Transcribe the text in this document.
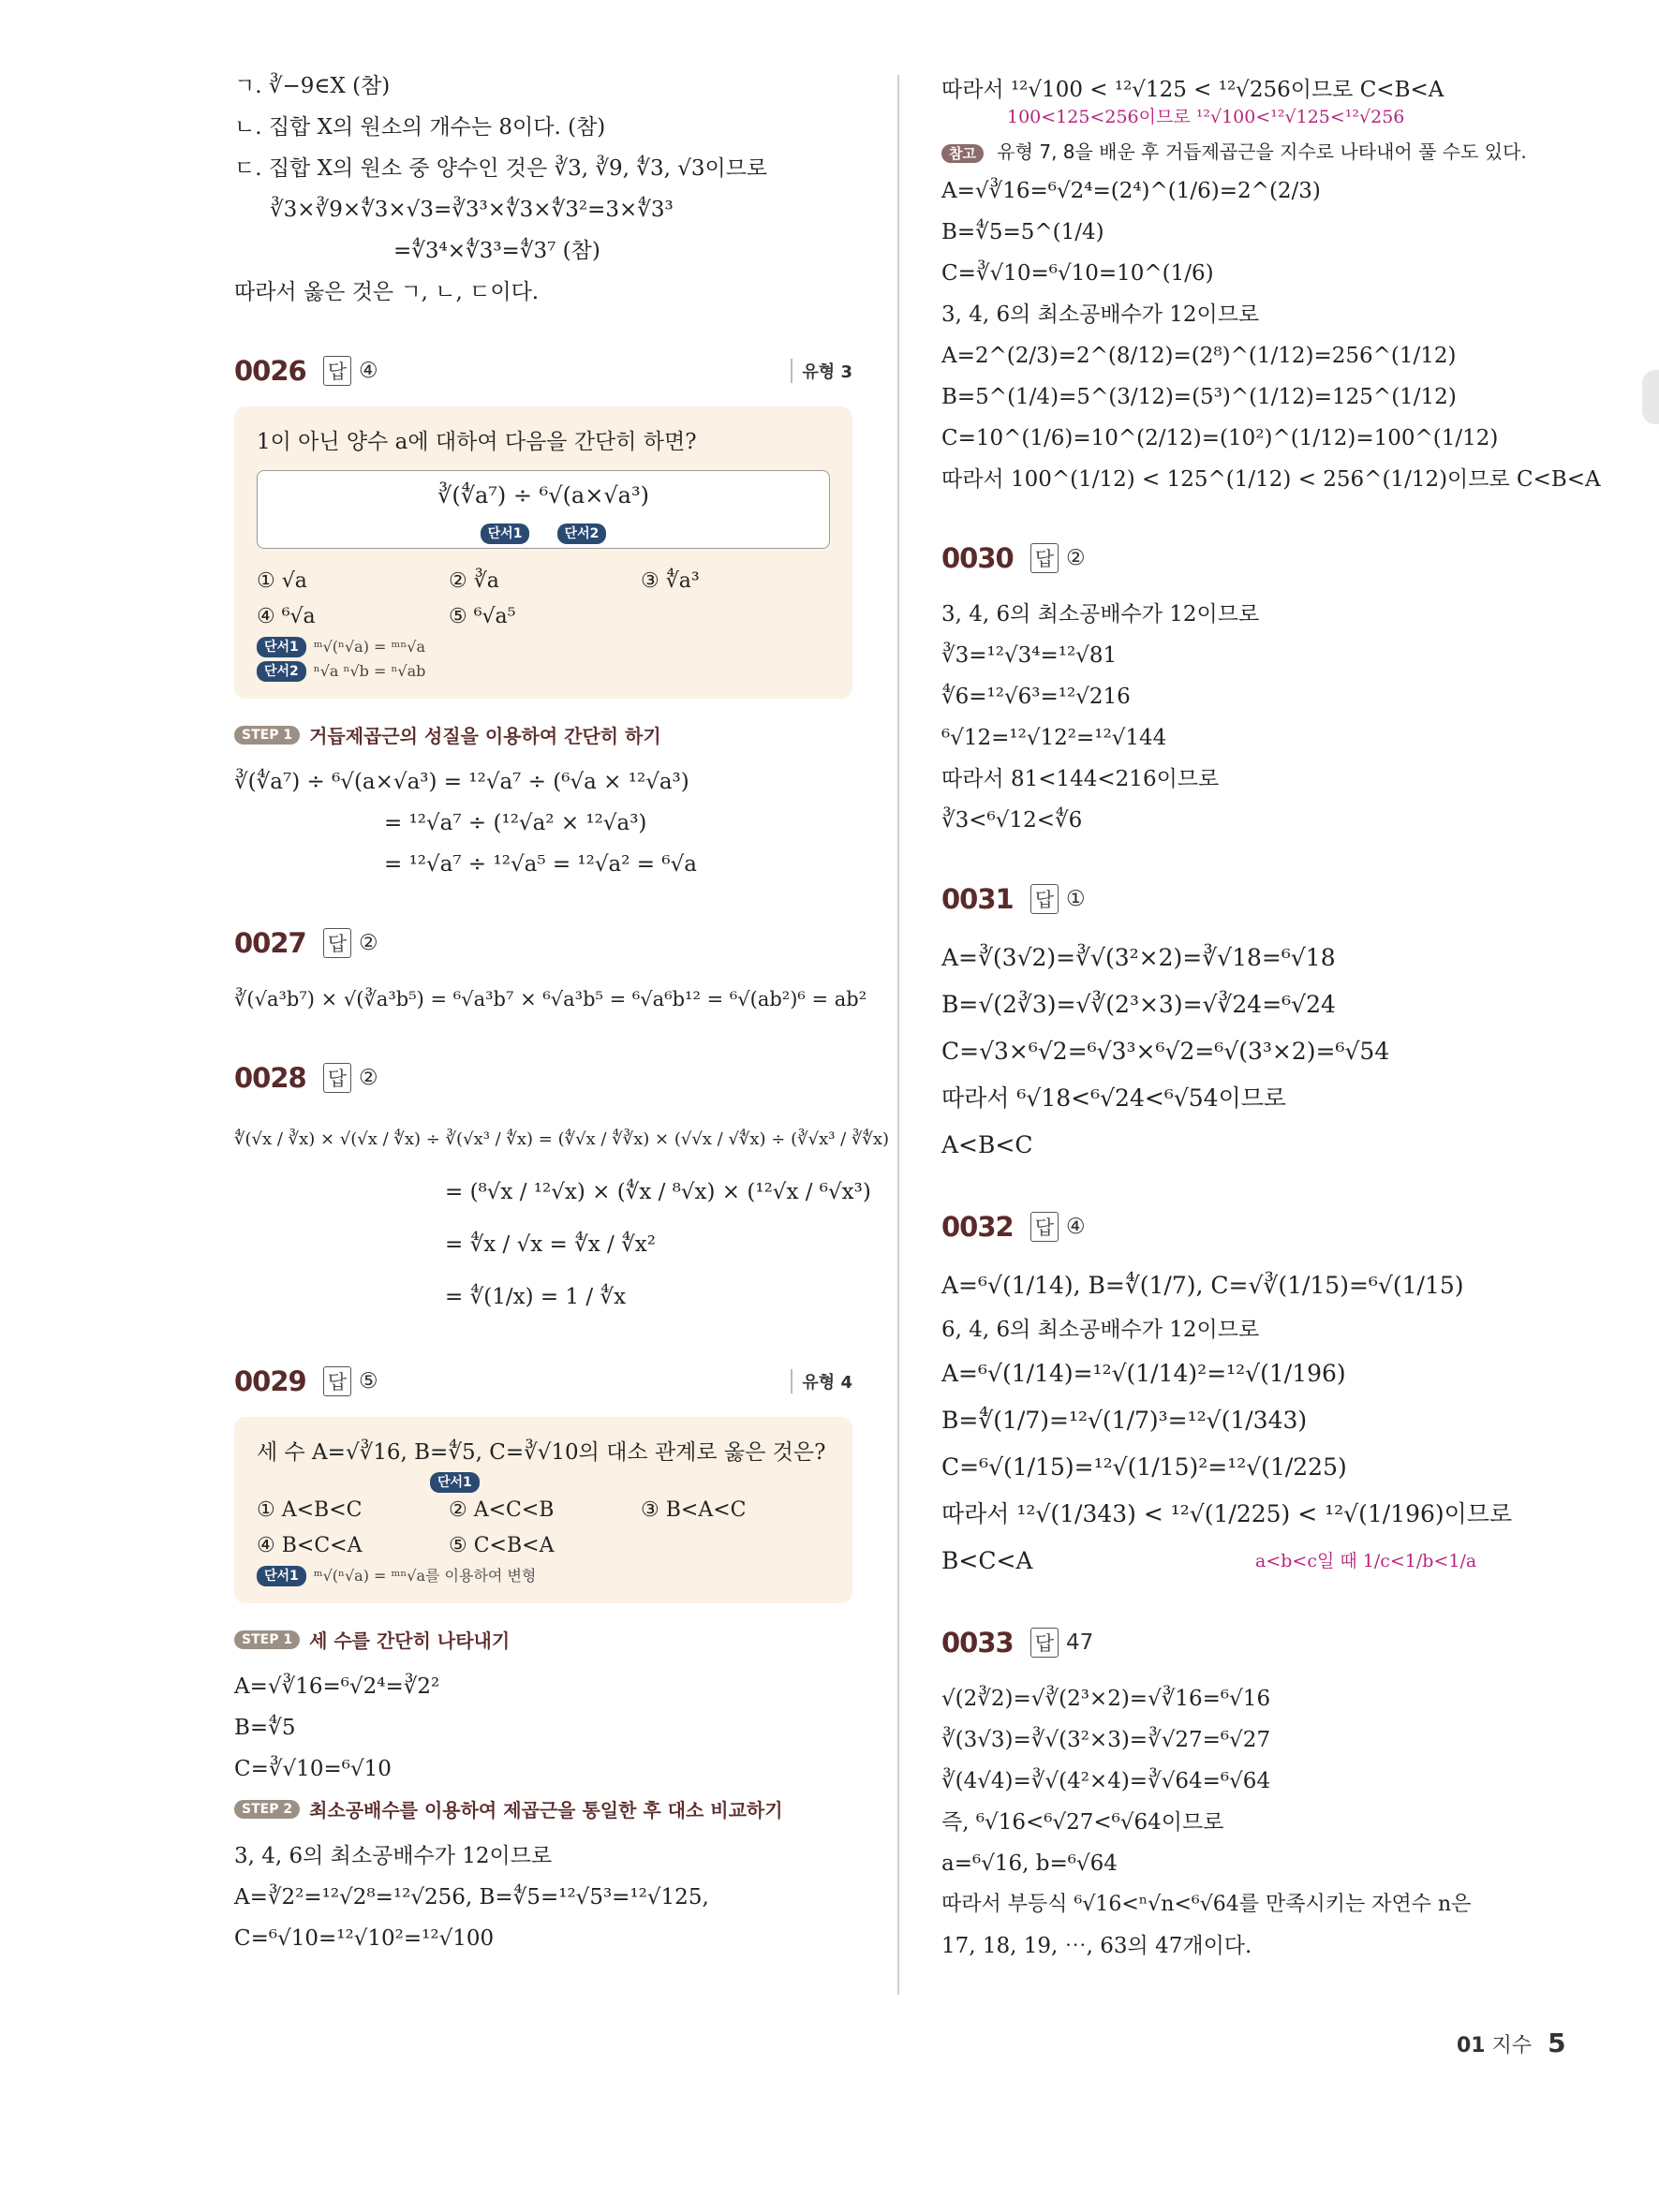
ㄱ. ∛−9∈X (참)
ㄴ. 집합 X의 원소의 개수는 8이다. (참)
ㄷ. 집합 X의 원소 중 양수인 것은 ∛3, ∛9, ∜3, √3이므로
∛3×∛9×∜3×√3=∛3³×∜3×∜3²=3×∜3³
=∜3⁴×∜3³=∜3⁷ (참)
따라서 옳은 것은 ㄱ, ㄴ, ㄷ이다.
0026 답 ④	유형 3
1이 아닌 양수 a에 대하여 다음을 간단히 하면?
∛(∜a⁷) ÷ ⁶√(a×√a³)
단서1	단서2
① √a	② ∛a	③ ∜a³
④ ⁶√a	⑤ ⁶√a⁵
단서1	ᵐ√(ⁿ√a) = ᵐⁿ√a
단서2	ⁿ√a ⁿ√b = ⁿ√ab
STEP 1 거듭제곱근의 성질을 이용하여 간단히 하기
∛(∜a⁷) ÷ ⁶√(a×√a³) = ¹²√a⁷ ÷ (⁶√a × ¹²√a³)
= ¹²√a⁷ ÷ (¹²√a² × ¹²√a³)
= ¹²√a⁷ ÷ ¹²√a⁵ = ¹²√a² = ⁶√a
0027 답 ②
∛(√a³b⁷) × √(∛a³b⁵) = ⁶√a³b⁷ × ⁶√a³b⁵ = ⁶√a⁶b¹² = ⁶√(ab²)⁶ = ab²
0028 답 ②
∜(√x / ∛x) × √(√x / ∜x) ÷ ∛(√x³ / ∜x) = (∜√x / ∜∛x) × (√√x / √∜x) ÷ (∛√x³ / ∛∜x)
= (⁸√x / ¹²√x) × (∜x / ⁸√x) × (¹²√x / ⁶√x³)
= ∜x / √x = ∜x / ∜x²
= ∜(1/x) = 1 / ∜x
0029 답 ⑤	유형 4
세 수 A=√∛16, B=∜5, C=∛√10의 대소 관계로 옳은 것은?
단서1
① A<B<C	② A<C<B	③ B<A<C
④ B<C<A	⑤ C<B<A
단서1	ᵐ√(ⁿ√a) = ᵐⁿ√a를 이용하여 변형
STEP 1 세 수를 간단히 나타내기
A=√∛16=⁶√2⁴=∛2²
B=∜5
C=∛√10=⁶√10
STEP 2 최소공배수를 이용하여 제곱근을 통일한 후 대소 비교하기
3, 4, 6의 최소공배수가 12이므로
A=∛2²=¹²√2⁸=¹²√256, B=∜5=¹²√5³=¹²√125,
C=⁶√10=¹²√10²=¹²√100
따라서 ¹²√100 < ¹²√125 < ¹²√256이므로 C<B<A
100<125<256이므로 ¹²√100<¹²√125<¹²√256
참고 유형 7, 8을 배운 후 거듭제곱근을 지수로 나타내어 풀 수도 있다.
A=√∛16=⁶√2⁴=(2⁴)^(1/6)=2^(2/3)
B=∜5=5^(1/4)
C=∛√10=⁶√10=10^(1/6)
3, 4, 6의 최소공배수가 12이므로
A=2^(2/3)=2^(8/12)=(2⁸)^(1/12)=256^(1/12)
B=5^(1/4)=5^(3/12)=(5³)^(1/12)=125^(1/12)
C=10^(1/6)=10^(2/12)=(10²)^(1/12)=100^(1/12)
따라서 100^(1/12) < 125^(1/12) < 256^(1/12)이므로 C<B<A
0030 답 ②
3, 4, 6의 최소공배수가 12이므로
∛3=¹²√3⁴=¹²√81
∜6=¹²√6³=¹²√216
⁶√12=¹²√12²=¹²√144
따라서 81<144<216이므로
∛3<⁶√12<∜6
0031 답 ①
A=∛(3√2)=∛√(3²×2)=∛√18=⁶√18
B=√(2∛3)=√∛(2³×3)=√∛24=⁶√24
C=√3×⁶√2=⁶√3³×⁶√2=⁶√(3³×2)=⁶√54
따라서 ⁶√18<⁶√24<⁶√54이므로
A<B<C
0032 답 ④
A=⁶√(1/14), B=∜(1/7), C=√∛(1/15)=⁶√(1/15)
6, 4, 6의 최소공배수가 12이므로
A=⁶√(1/14)=¹²√(1/14)²=¹²√(1/196)
B=∜(1/7)=¹²√(1/7)³=¹²√(1/343)
C=⁶√(1/15)=¹²√(1/15)²=¹²√(1/225)
따라서 ¹²√(1/343) < ¹²√(1/225) < ¹²√(1/196)이므로
B<C<A	a<b<c일 때 1/c<1/b<1/a
0033 답 47
√(2∛2)=√∛(2³×2)=√∛16=⁶√16
∛(3√3)=∛√(3²×3)=∛√27=⁶√27
∛(4√4)=∛√(4²×4)=∛√64=⁶√64
즉, ⁶√16<⁶√27<⁶√64이므로
a=⁶√16, b=⁶√64
따라서 부등식 ⁶√16<ⁿ√n<⁶√64를 만족시키는 자연수 n은
17, 18, 19, ⋯, 63의 47개이다.
01 지수 5
